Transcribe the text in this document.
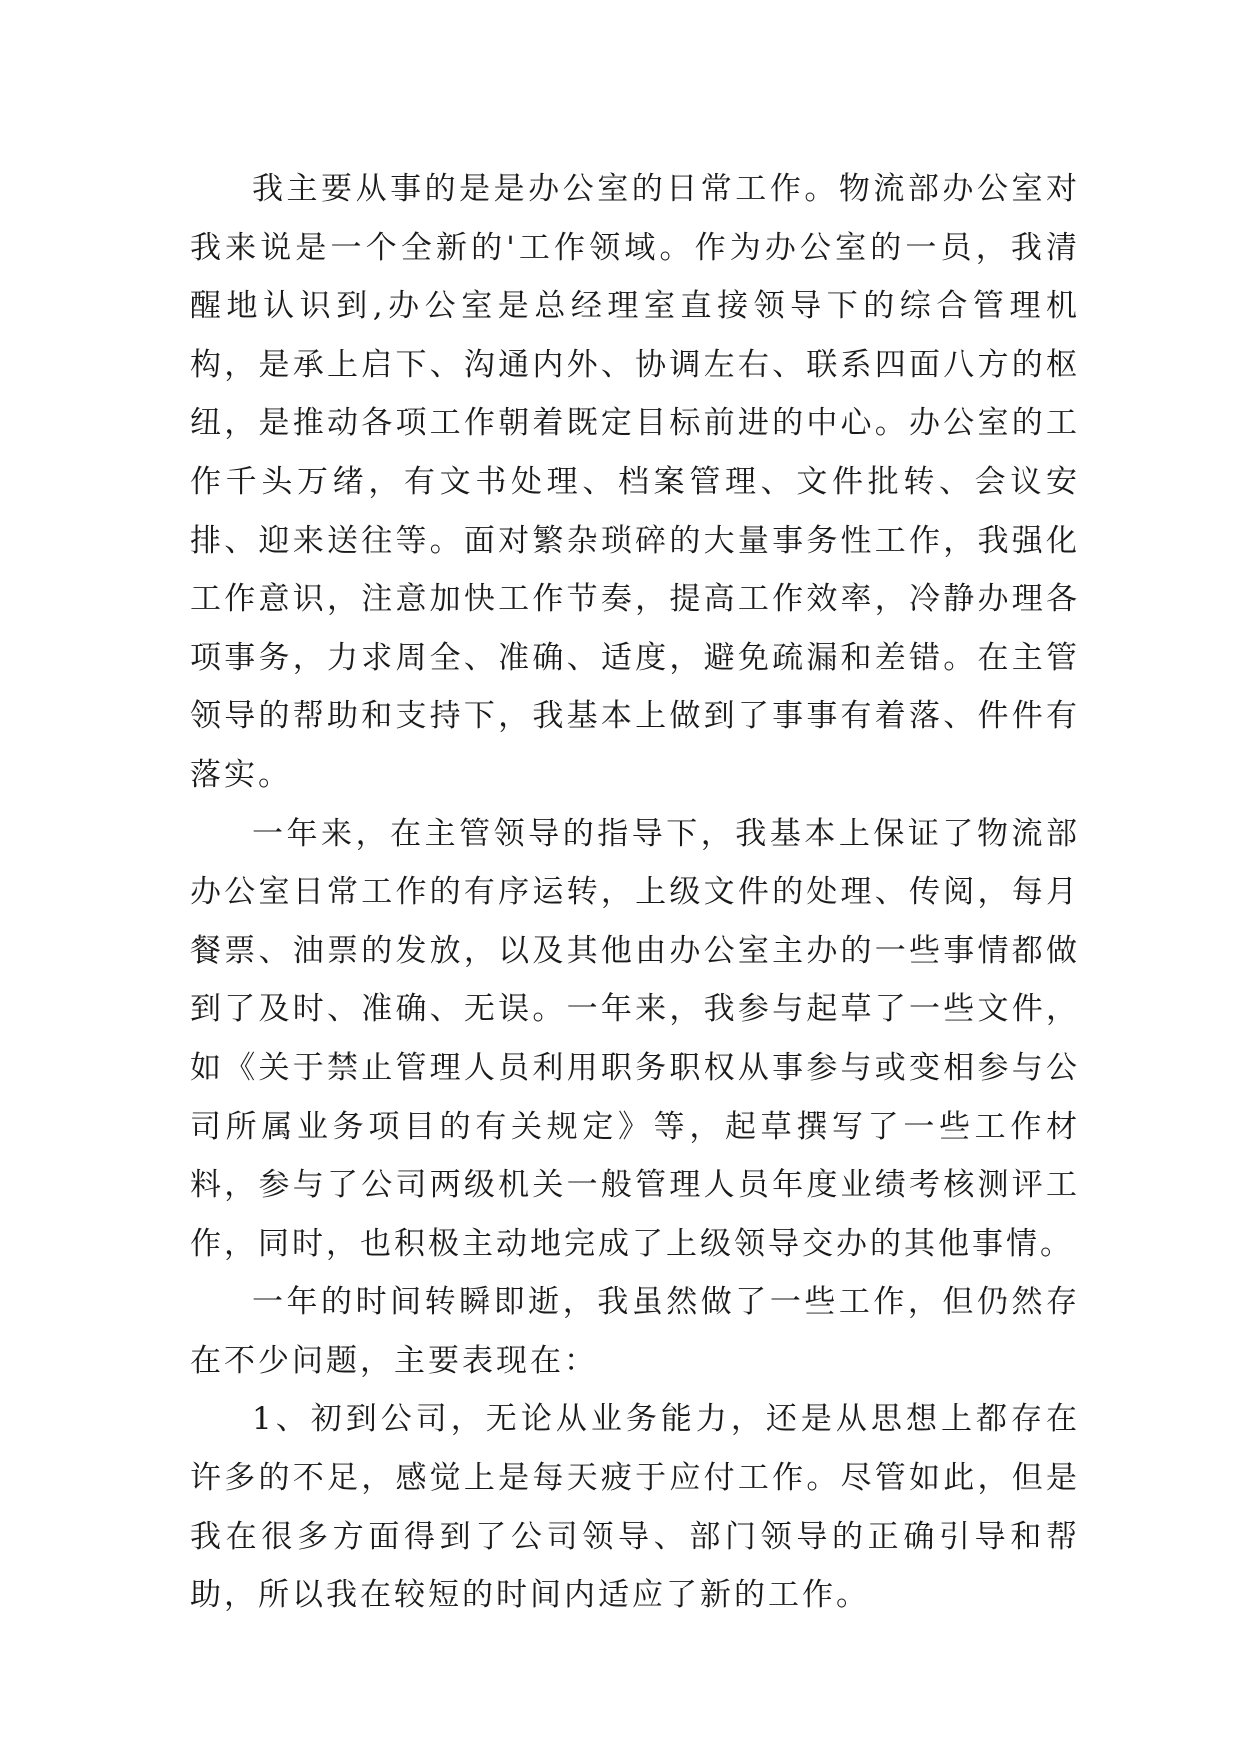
我主要从事的是是办公室的日常工作。物流部办公室对我来说是一个全新的'工作领域。作为办公室的一员，我清醒地认识到,办公室是总经理室直接领导下的综合管理机构，是承上启下、沟通内外、协调左右、联系四面八方的枢纽，是推动各项工作朝着既定目标前进的中心。办公室的工作千头万绪，有文书处理、档案管理、文件批转、会议安排、迎来送往等。面对繁杂琐碎的大量事务性工作，我强化工作意识，注意加快工作节奏，提高工作效率，冷静办理各项事务，力求周全、准确、适度，避免疏漏和差错。在主管领导的帮助和支持下，我基本上做到了事事有着落、件件有落实。

一年来，在主管领导的指导下，我基本上保证了物流部办公室日常工作的有序运转，上级文件的处理、传阅，每月餐票、油票的发放，以及其他由办公室主办的一些事情都做到了及时、准确、无误。一年来，我参与起草了一些文件，如《关于禁止管理人员利用职务职权从事参与或变相参与公司所属业务项目的有关规定》等，起草撰写了一些工作材料，参与了公司两级机关一般管理人员年度业绩考核测评工作，同时，也积极主动地完成了上级领导交办的其他事情。

一年的时间转瞬即逝，我虽然做了一些工作，但仍然存在不少问题，主要表现在：

1、初到公司，无论从业务能力，还是从思想上都存在许多的不足，感觉上是每天疲于应付工作。尽管如此，但是我在很多方面得到了公司领导、部门领导的正确引导和帮助，所以我在较短的时间内适应了新的工作。
